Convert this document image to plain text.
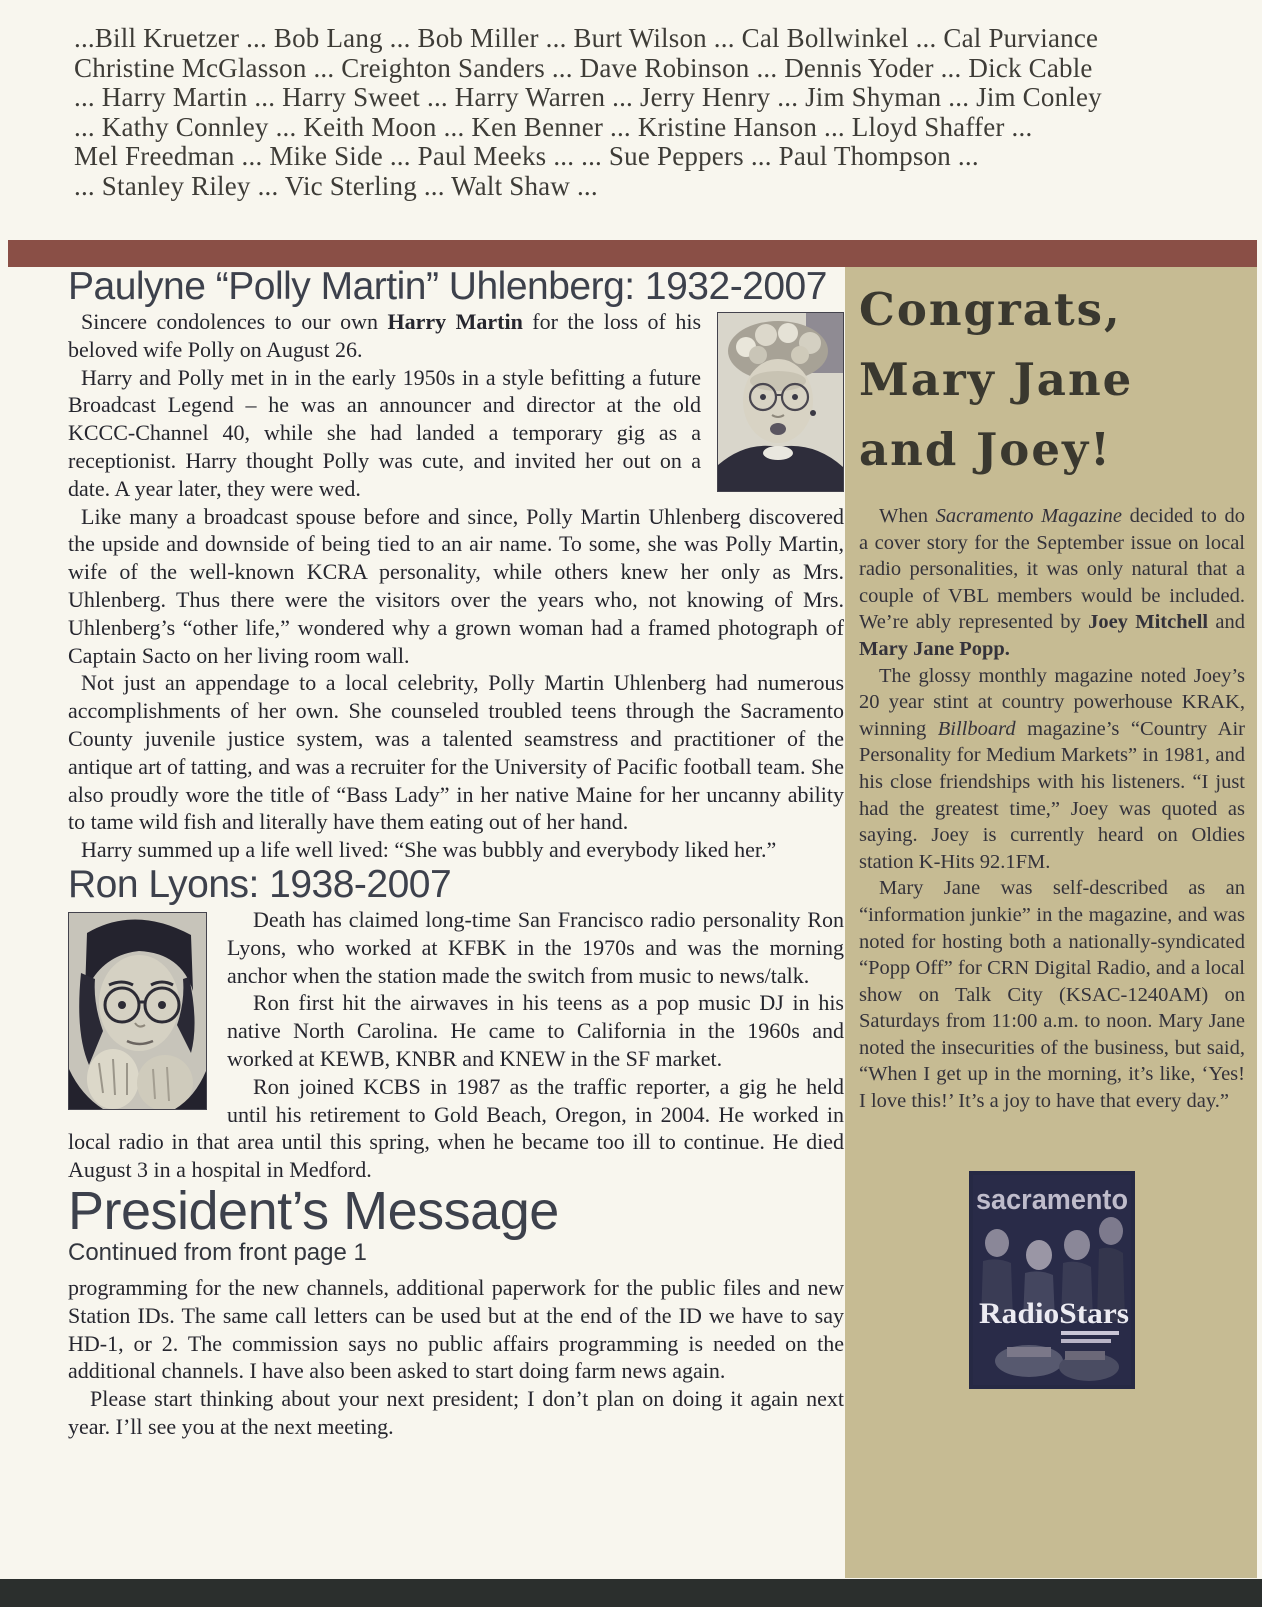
...Bill Kruetzer ... Bob Lang ... Bob Miller ... Burt Wilson ... Cal Bollwinkel ... Cal Purviance
Christine McGlasson ... Creighton Sanders ... Dave Robinson ... Dennis Yoder ... Dick Cable
... Harry Martin ... Harry Sweet ... Harry Warren ... Jerry Henry ... Jim Shyman ... Jim Conley
... Kathy Connley ... Keith Moon ... Ken Benner ... Kristine Hanson ... Lloyd Shaffer ...
Mel Freedman ... Mike Side ... Paul Meeks ... ... Sue Peppers ... Paul Thompson ...
... Stanley Riley ... Vic Sterling ... Walt Shaw ...
Paulyne “Polly Martin” Uhlenberg: 1932-2007

Sincere condolences to our own Harry Martin for the loss of his beloved wife Polly on August 26.

Harry and Polly met in in the early 1950s in a style befitting a future Broadcast Legend – he was an announcer and director at the old KCCC-Channel 40, while she had landed a temporary gig as a receptionist. Harry thought Polly was cute, and invited her out on a date. A year later, they were wed.

Like many a broadcast spouse before and since, Polly Martin Uhlenberg discovered the upside and downside of being tied to an air name. To some, she was Polly Martin, wife of the well-known KCRA personality, while others knew her only as Mrs. Uhlenberg. Thus there were the visitors over the years who, not knowing of Mrs. Uhlenberg’s “other life,” wondered why a grown woman had a framed photograph of Captain Sacto on her living room wall.

Not just an appendage to a local celebrity, Polly Martin Uhlenberg had numerous accomplishments of her own. She counseled troubled teens through the Sacramento County juvenile justice system, was a talented seamstress and practitioner of the antique art of tatting, and was a recruiter for the University of Pacific football team. She also proudly wore the title of “Bass Lady” in her native Maine for her uncanny ability to tame wild fish and literally have them eating out of her hand.

Harry summed up a life well lived: “She was bubbly and everybody liked her.”

Ron Lyons: 1938-2007

Death has claimed long-time San Francisco radio personality Ron Lyons, who worked at KFBK in the 1970s and was the morning anchor when the station made the switch from music to news/talk.

Ron first hit the airwaves in his teens as a pop music DJ in his native North Carolina. He came to California in the 1960s and worked at KEWB, KNBR and KNEW in the SF market.

Ron joined KCBS in 1987 as the traffic reporter, a gig he held until his retirement to Gold Beach, Oregon, in 2004. He worked in local radio in that area until this spring, when he became too ill to continue. He died August 3 in a hospital in Medford.

President’s Message
Continued from front page 1

programming for the new channels, additional paperwork for the public files and new Station IDs. The same call letters can be used but at the end of the ID we have to say HD-1, or 2. The commission says no public affairs programming is needed on the additional channels. I have also been asked to start doing farm news again.

Please start thinking about your next president; I don’t plan on doing it again next year. I’ll see you at the next meeting.

Congrats,
Mary Jane
and Joey!

When Sacramento Magazine decided to do a cover story for the September issue on local radio personalities, it was only natural that a couple of VBL members would be included. We’re ably represented by Joey Mitchell and Mary Jane Popp.

The glossy monthly magazine noted Joey’s 20 year stint at country powerhouse KRAK, winning Billboard magazine’s “Country Air Personality for Medium Markets” in 1981, and his close friendships with his listeners. “I just had the greatest time,” Joey was quoted as saying. Joey is currently heard on Oldies station K-Hits 92.1FM.

Mary Jane was self-described as an “information junkie” in the magazine, and was noted for hosting both a nationally-syndicated “Popp Off” for CRN Digital Radio, and a local show on Talk City (KSAC-1240AM) on Saturdays from 11:00 a.m. to noon. Mary Jane noted the insecurities of the business, but said, “When I get up in the morning, it’s like, ‘Yes! I love this!’ It’s a joy to have that every day.”

sacramento
RadioStars
